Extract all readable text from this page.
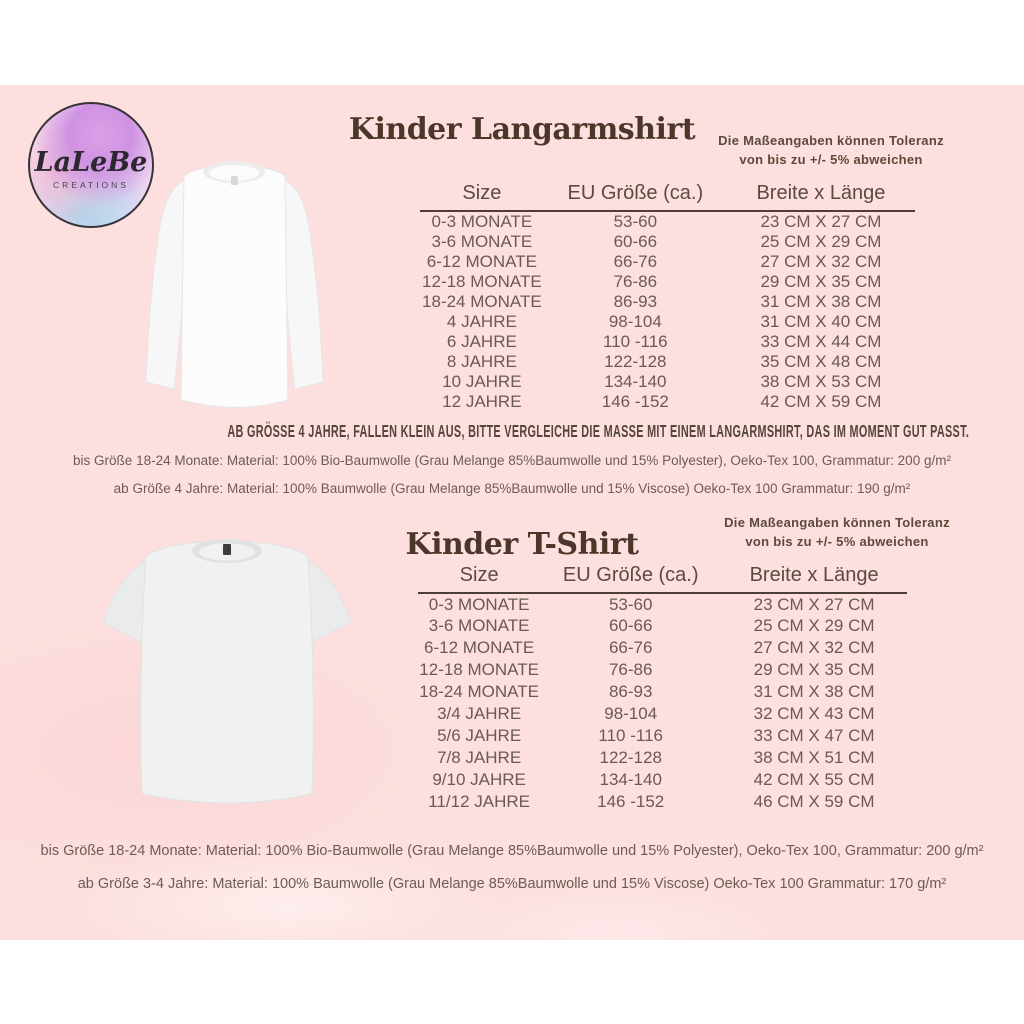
LaLeBe
CREATIONS
Kinder Langarmshirt	Die Maßeangaben können Toleranz
von bis zu +/- 5% abweichen
Size	EU Größe (ca.)	Breite x Länge
0-3 MONATE	53-60	23 CM X 27 CM
3-6 MONATE	60-66	25 CM X 29 CM
6-12 MONATE	66-76	27 CM X 32 CM
12-18 MONATE	76-86	29 CM X 35 CM
18-24 MONATE	86-93	31 CM X 38 CM
4 JAHRE	98-104	31 CM X 40 CM
6 JAHRE	110 -116	33 CM X 44 CM
8 JAHRE	122-128	35 CM X 48 CM
10 JAHRE	134-140	38 CM X 53 CM
12 JAHRE	146 -152	42 CM X 59 CM
AB GRÖSSE 4 JAHRE, FALLEN KLEIN AUS, BITTE VERGLEICHE DIE MASSE MIT EINEM LANGARMSHIRT, DAS IM MOMENT GUT PASST.
bis Größe 18-24 Monate: Material: 100% Bio-Baumwolle (Grau Melange 85%Baumwolle und 15% Polyester), Oeko-Tex 100, Grammatur: 200 g/m²
ab Größe 4 Jahre: Material: 100% Baumwolle (Grau Melange 85%Baumwolle und 15% Viscose) Oeko-Tex 100 Grammatur: 190 g/m²
Die Maßeangaben können Toleranz
von bis zu +/- 5% abweichen
Kinder T-Shirt
Size	EU Größe (ca.)	Breite x Länge
0-3 MONATE	53-60	23 CM X 27 CM
3-6 MONATE	60-66	25 CM X 29 CM
6-12 MONATE	66-76	27 CM X 32 CM
12-18 MONATE	76-86	29 CM X 35 CM
18-24 MONATE	86-93	31 CM X 38 CM
3/4 JAHRE	98-104	32 CM X 43 CM
5/6 JAHRE	110 -116	33 CM X 47 CM
7/8 JAHRE	122-128	38 CM X 51 CM
9/10 JAHRE	134-140	42 CM X 55 CM
11/12 JAHRE	146 -152	46 CM X 59 CM
bis Größe 18-24 Monate: Material: 100% Bio-Baumwolle (Grau Melange 85%Baumwolle und 15% Polyester), Oeko-Tex 100, Grammatur: 200 g/m²
ab Größe 3-4 Jahre: Material: 100% Baumwolle (Grau Melange 85%Baumwolle und 15% Viscose) Oeko-Tex 100 Grammatur: 170 g/m²
